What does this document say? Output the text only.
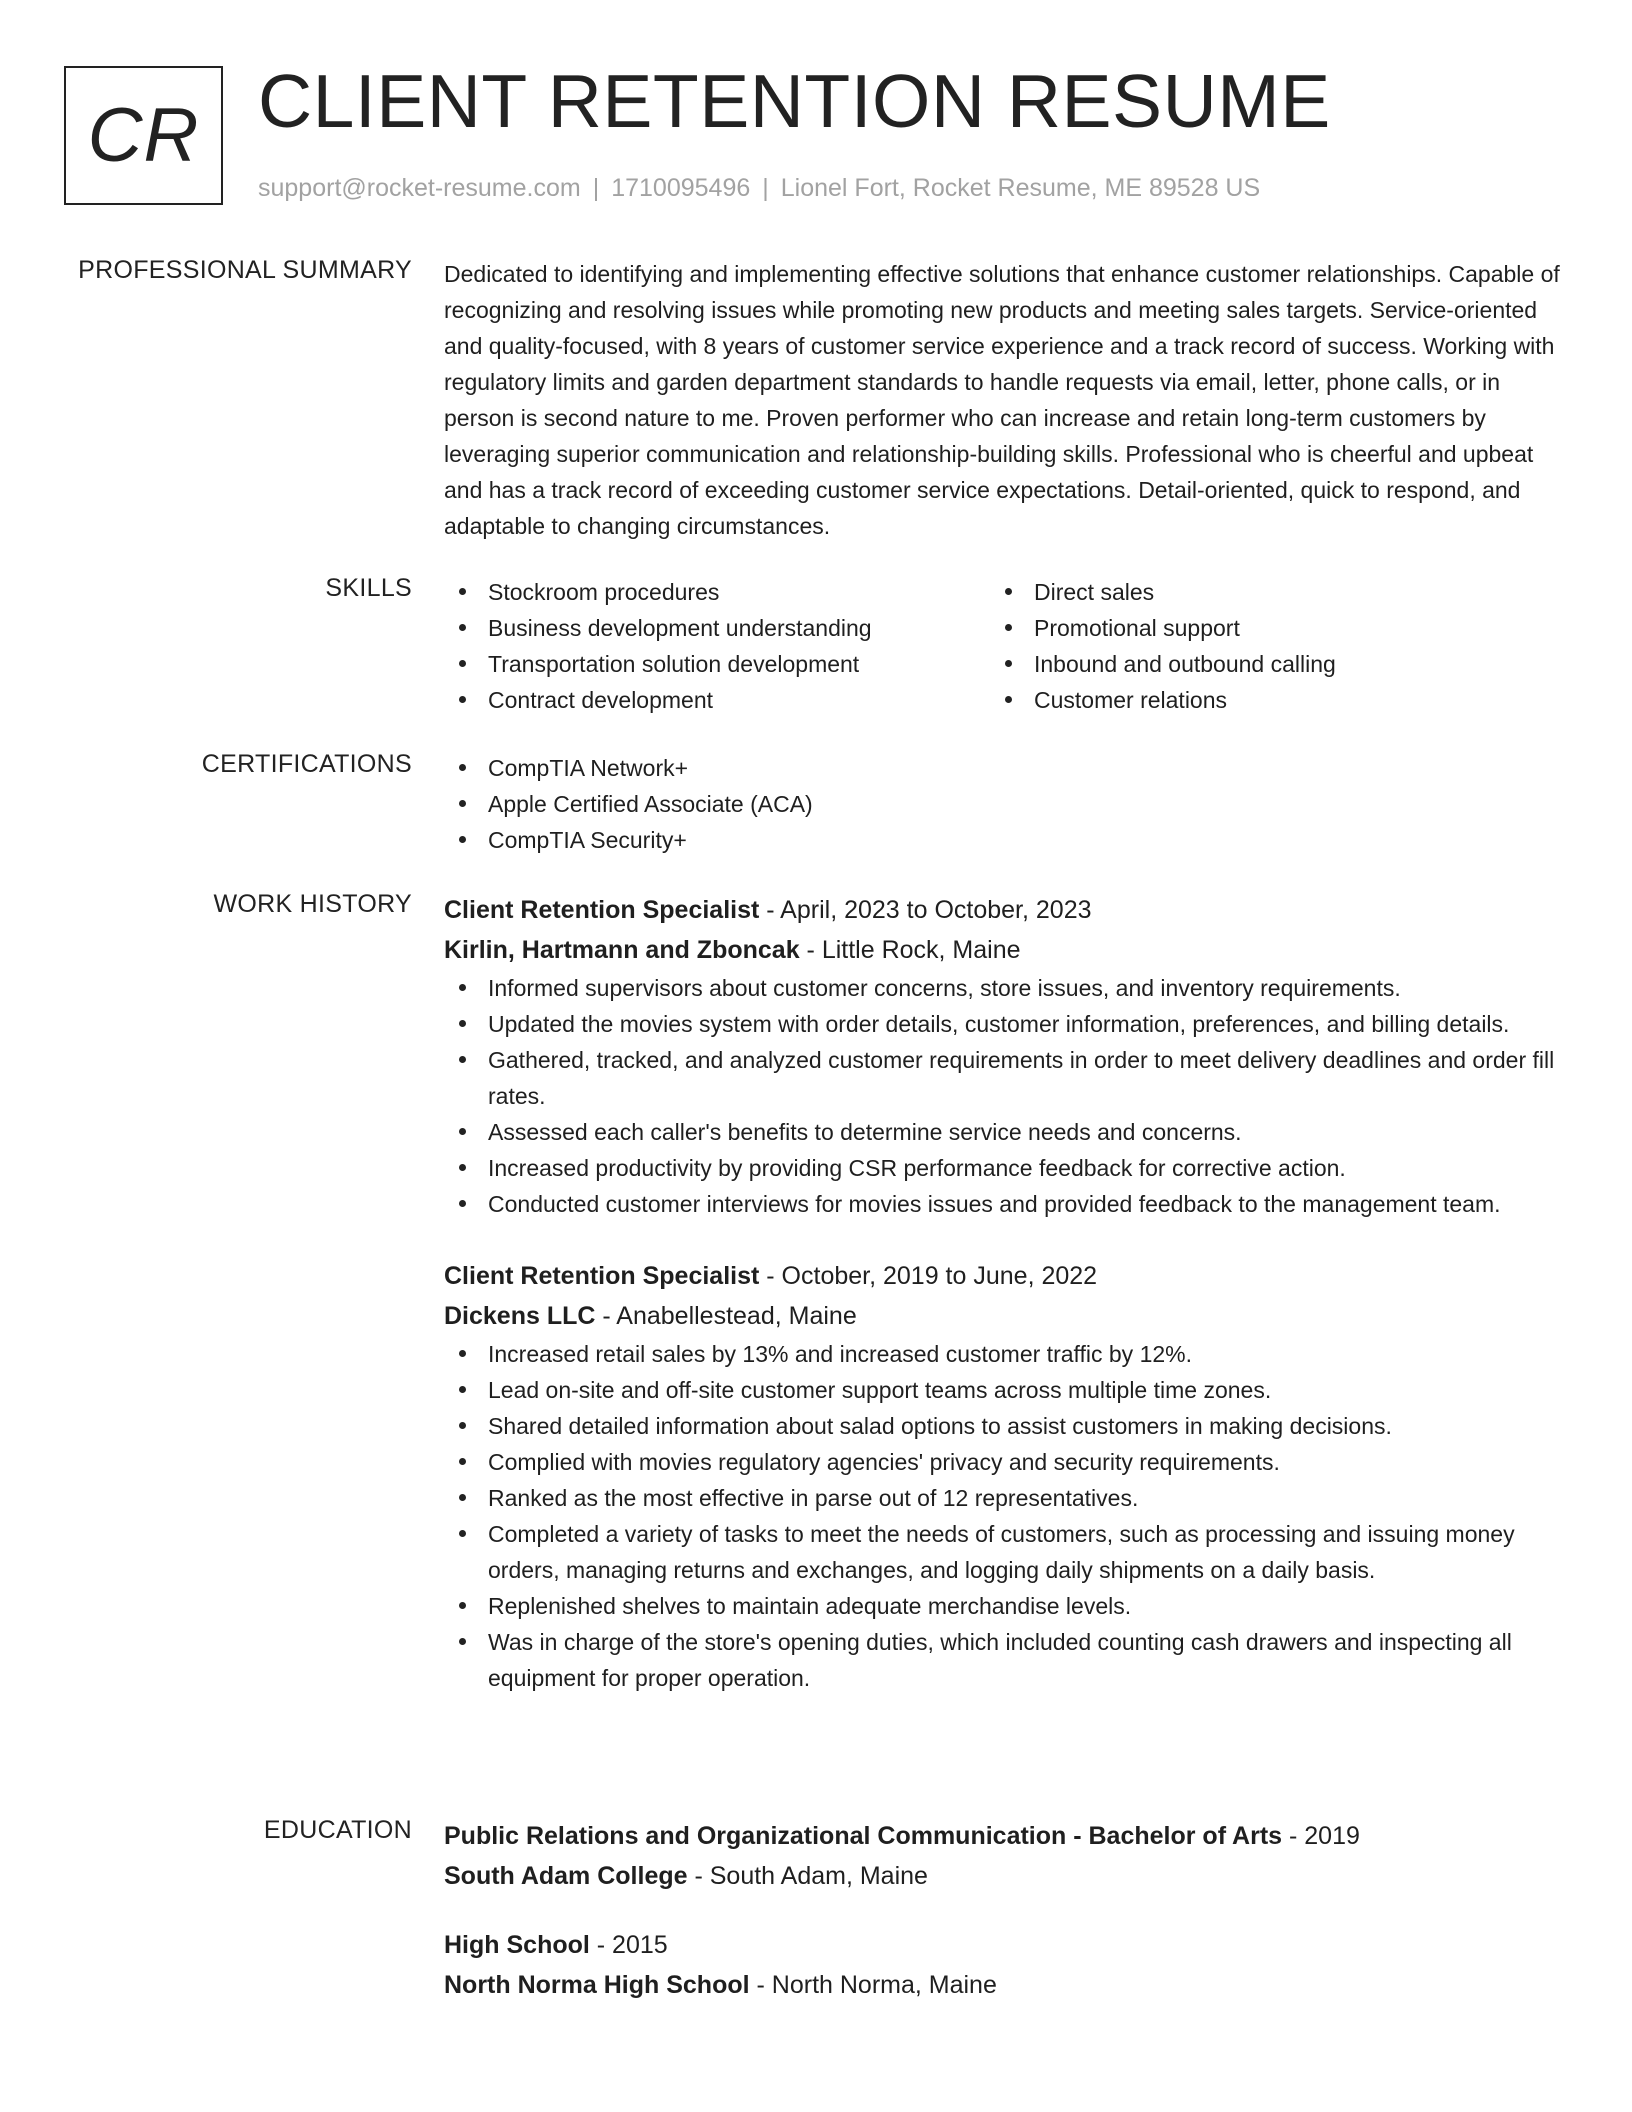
CR CLIENT RETENTION RESUME
support@rocket-resume.com | 1710095496 | Lionel Fort, Rocket Resume, ME 89528 US
PROFESSIONAL SUMMARY Dedicated to identifying and implementing effective solutions that enhance customer relationships. Capable of recognizing and resolving issues while promoting new products and meeting sales targets. Service-oriented and quality-focused, with 8 years of customer service experience and a track record of success. Working with regulatory limits and garden department standards to handle requests via email, letter, phone calls, or in person is second nature to me. Proven performer who can increase and retain long-term customers by leveraging superior communication and relationship-building skills. Professional who is cheerful and upbeat and has a track record of exceeding customer service expectations. Detail-oriented, quick to respond, and adaptable to changing circumstances.

SKILLS	Stockroom procedures
Business development understanding
Transportation solution development
Contract development
Direct sales
Promotional support
Inbound and outbound calling
Customer relations
CERTIFICATIONS	CompTIA Network+
Apple Certified Associate (ACA)
CompTIA Security+
WORK HISTORY Client Retention Specialist - April, 2023 to October, 2023
Kirlin, Hartmann and Zboncak - Little Rock, Maine
Informed supervisors about customer concerns, store issues, and inventory requirements.
Updated the movies system with order details, customer information, preferences, and billing details.
Gathered, tracked, and analyzed customer requirements in order to meet delivery deadlines and order fill rates.
Assessed each caller's benefits to determine service needs and concerns.
Increased productivity by providing CSR performance feedback for corrective action.
Conducted customer interviews for movies issues and provided feedback to the management team.
Client Retention Specialist - October, 2019 to June, 2022
Dickens LLC - Anabellestead, Maine
Increased retail sales by 13% and increased customer traffic by 12%.
Lead on-site and off-site customer support teams across multiple time zones.
Shared detailed information about salad options to assist customers in making decisions.
Complied with movies regulatory agencies' privacy and security requirements.
Ranked as the most effective in parse out of 12 representatives.
Completed a variety of tasks to meet the needs of customers, such as processing and issuing money orders, managing returns and exchanges, and logging daily shipments on a daily basis.
Replenished shelves to maintain adequate merchandise levels.
Was in charge of the store's opening duties, which included counting cash drawers and inspecting all equipment for proper operation.
EDUCATION Public Relations and Organizational Communication - Bachelor of Arts - 2019
South Adam College - South Adam, Maine
High School - 2015
North Norma High School - North Norma, Maine
